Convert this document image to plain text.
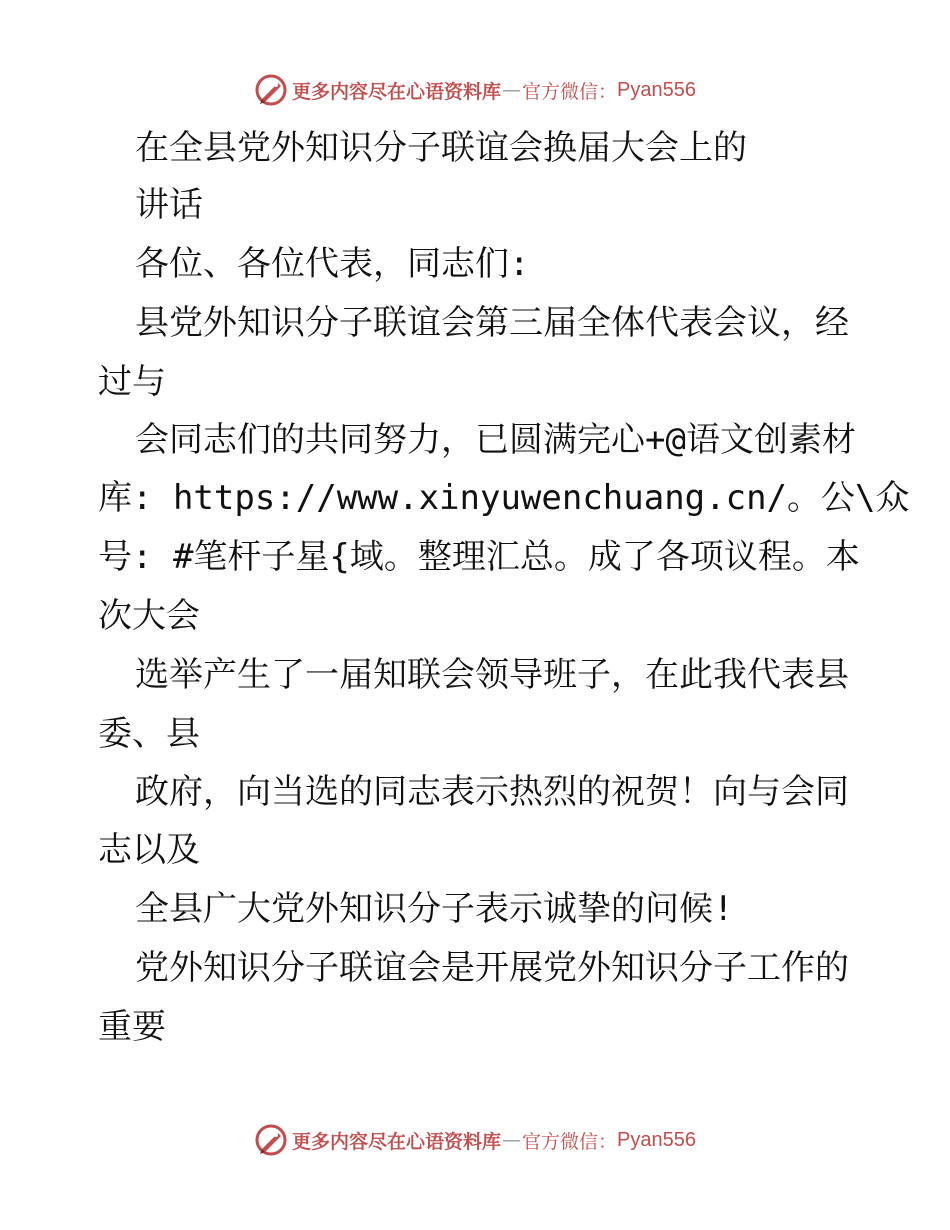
更多内容尽在心语资料库 — 官方微信： Pyan556
在全县党外知识分子联谊会换届大会上的
讲话
各位、各位代表，同志们:
县党外知识分子联谊会第三届全体代表会议，经
过与
会同志们的共同努力，已圆满完心+@语文创素材
库: https://www.xinyuwenchuang.cn/。公\众
号: #笔杆子星{域。整理汇总。成了各项议程。本
次大会
选举产生了一届知联会领导班子，在此我代表县
委、县
政府，向当选的同志表示热烈的祝贺！向与会同
志以及
全县广大党外知识分子表示诚挚的问候!
党外知识分子联谊会是开展党外知识分子工作的
重要
更多内容尽在心语资料库 — 官方微信： Pyan556
